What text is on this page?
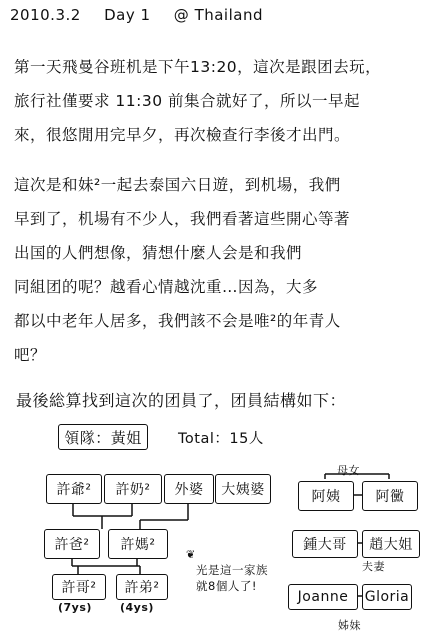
2010.3.2 Day 1 @ Thailand
第一天飛曼谷班机是下午13:20，這次是跟团去玩，
旅行社僅要求 11:30 前集合就好了，所以一早起
來，很悠閒用完早夕，再次檢查行李後才出門。
這次是和妹²一起去泰国六日遊，到机場，我們
早到了，机場有不少人，我們看著這些開心等著
出国的人們想像，猜想什麼人会是和我們
同組团的呢？越看心情越沈重…因為，大多
都以中老年人居多，我們該不会是唯²的年青人
吧？
最後総算找到這次的团員了，团員結構如下：
領隊：黃姐	Total：15人
許爺²	許奶²	外婆	大姨婆
許爸²	許媽²
許哥²	許弟²
(7ys)	(4ys)
❦
光是這一家族
就8個人了!
母女
阿姨	阿黴
鍾大哥	趙大姐
夫妻
Joanne	Gloria
姊妹
